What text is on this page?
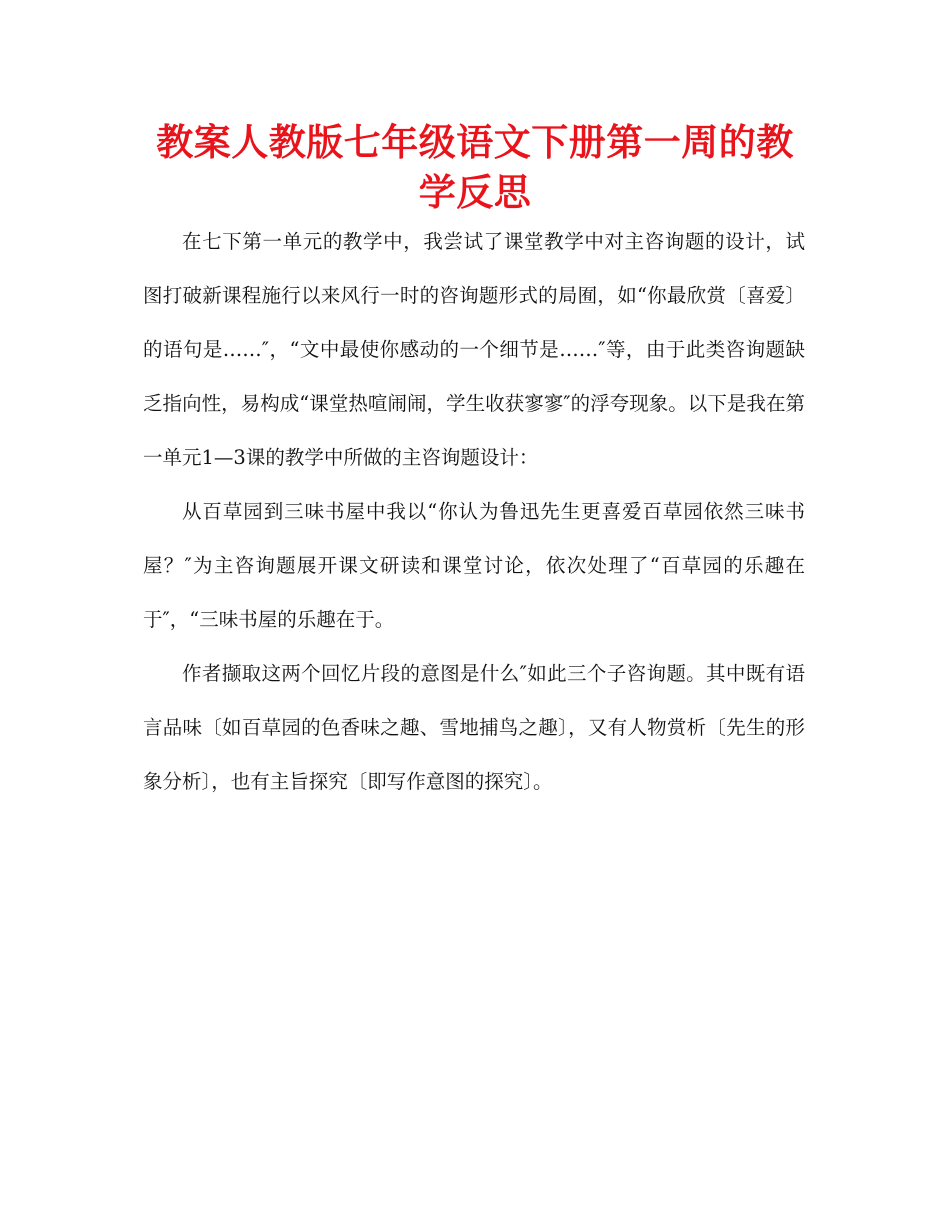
教案人教版七年级语文下册第一周的教学反思

在七下第一单元的教学中，我尝试了课堂教学中对主咨询题的设计，试图打破新课程施行以来风行一时的咨询题形式的局囿，如“你最欣赏〔喜爱〕的语句是……″，“文中最使你感动的一个细节是……″等，由于此类咨询题缺乏指向性，易构成“课堂热喧闹闹，学生收获寥寥″的浮夸现象。以下是我在第一单元1—3课的教学中所做的主咨询题设计：

从百草园到三味书屋中我以“你认为鲁迅先生更喜爱百草园依然三味书屋？″为主咨询题展开课文研读和课堂讨论，依次处理了“百草园的乐趣在于″，“三味书屋的乐趣在于。

作者撷取这两个回忆片段的意图是什么″如此三个子咨询题。其中既有语言品味〔如百草园的色香味之趣、雪地捕鸟之趣〕，又有人物赏析〔先生的形象分析〕，也有主旨探究〔即写作意图的探究〕。
